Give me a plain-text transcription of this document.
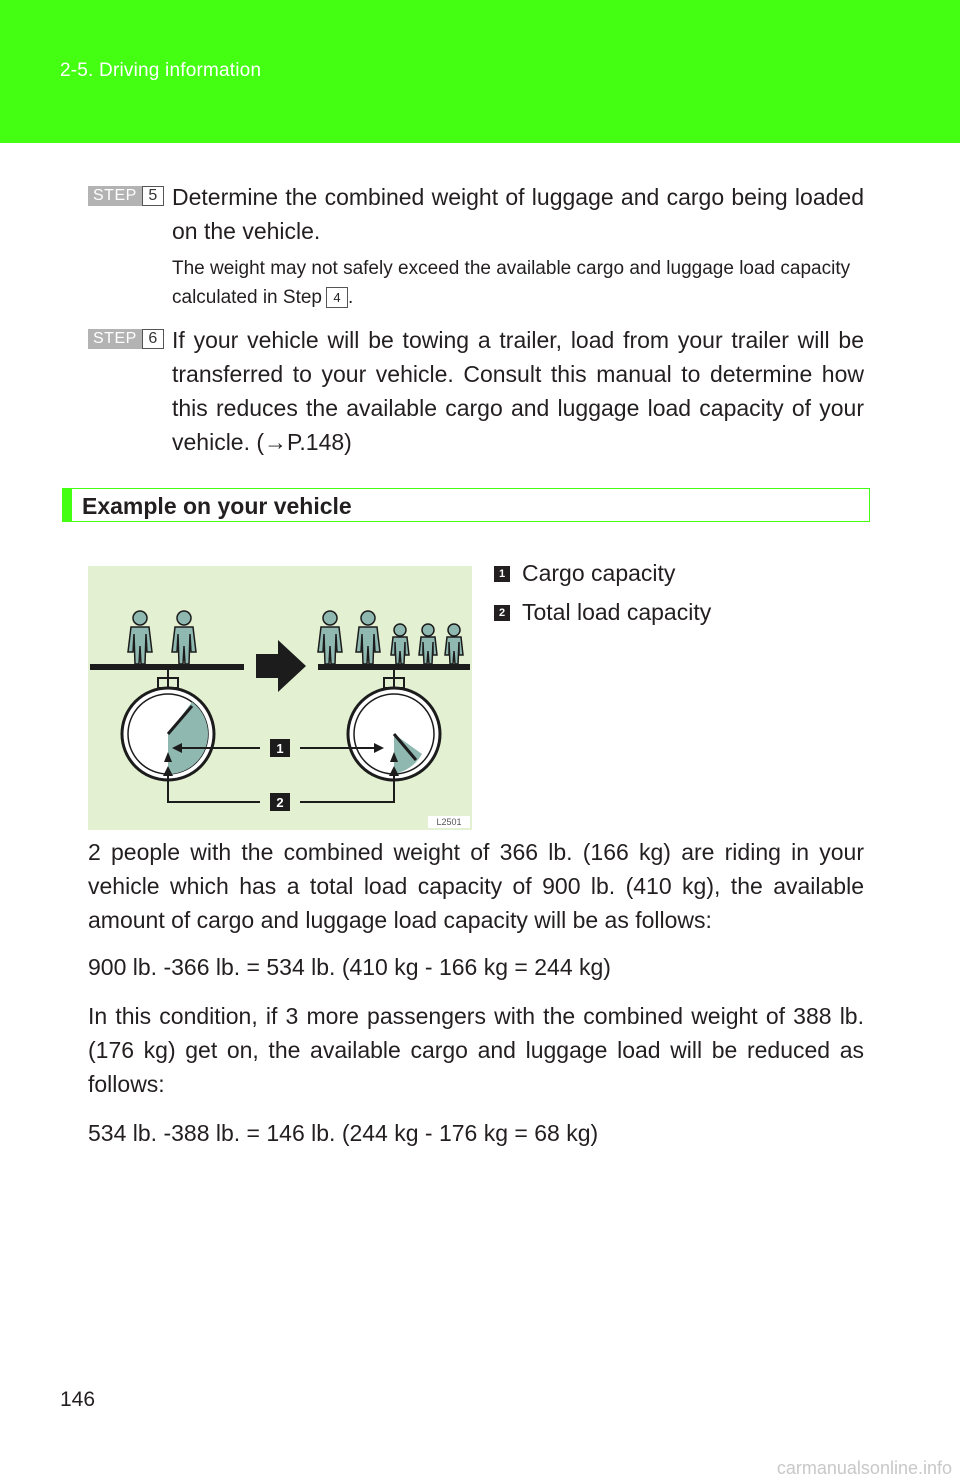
2-5. Driving information
STEP 5 Determine the combined weight of luggage and cargo being loaded on the vehicle.
The weight may not safely exceed the available cargo and luggage load capacity calculated in Step 4 .
STEP 6 If your vehicle will be towing a trailer, load from your trailer will be transferred to your vehicle. Consult this manual to determine how this reduces the available cargo and luggage load capacity of your vehicle. (→P.148)
Example on your vehicle
1
2
L2501
1 Cargo capacity
2 Total load capacity
2 people with the combined weight of 366 lb. (166 kg) are riding in your vehicle which has a total load capacity of 900 lb. (410 kg), the available amount of cargo and luggage load capacity will be as follows:
900 lb. -366 lb. = 534 lb. (410 kg - 166 kg = 244 kg)
In this condition, if 3 more passengers with the combined weight of 388 lb. (176 kg) get on, the available cargo and luggage load will be reduced as follows:
534 lb. -388 lb. = 146 lb. (244 kg - 176 kg = 68 kg)
146
carmanualsonline.info
